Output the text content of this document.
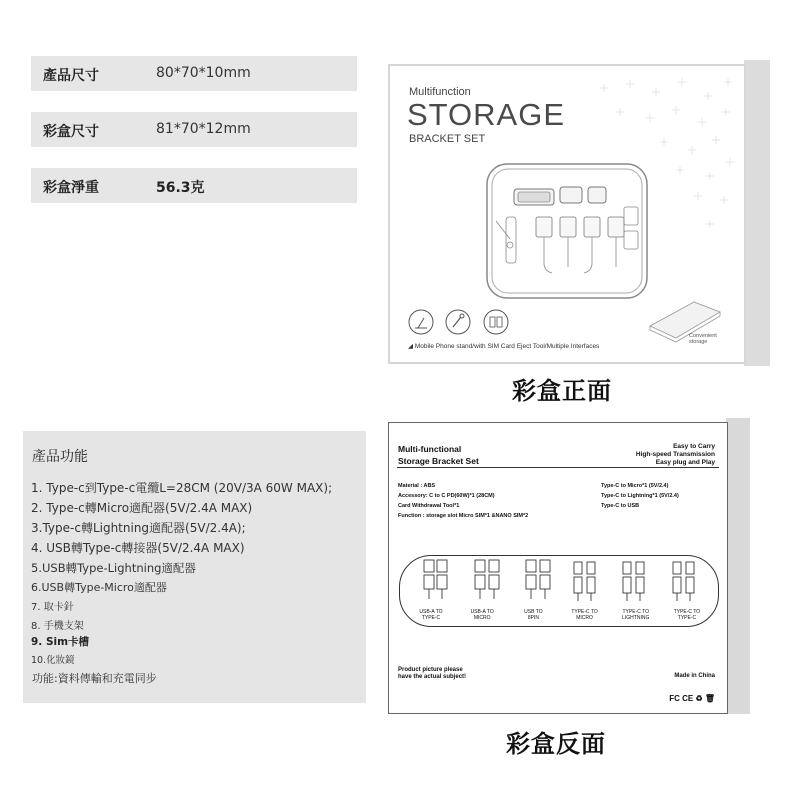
產品尺寸	80*70*10mm
彩盒尺寸	81*70*12mm
彩盒淨重	56.3克
Multifunction
STORAGE
BRACKET SET
◢ Mobile Phone stand/with SIM Card Eject Tool/Multiple Interfaces
Convenient
storage
彩盒正面
產品功能
1. Type-c到Type-c電纜L=28CM (20V/3A 60W MAX);
2. Type-c轉Micro適配器(5V/2.4A MAX)
3.Type-c轉Lightning適配器(5V/2.4A);
4. USB轉Type-c轉接器(5V/2.4A MAX)
5.USB轉Type-Lightning適配器
6.USB轉Type-Micro適配器
7. 取卡針
8. 手機支架
9. Sim卡槽
10.化妝鏡
功能:資料傳輸和充電同步
Multi-functional
Storage Bracket Set
Easy to Carry
High-speed Transmission
Easy plug and Play
Material : ABS
Accessory: C to C PD(60W)*1 (28CM)
Card Withdrawal Tool*1
Function : storage slot Micro SIM*1 &NANO SIM*2
Type-C to Micro*1 (5V/2.4)
Type-C to Lightning*1 (5V/2.4)
Type-C to USB
USB-A TO
TYPE-C
USB-A TO
MICRO
USB TO
8PIN
TYPE-C TO
MICRO
TYPE-C TO
LIGHTNING
TYPE-C TO
TYPE-C
Product picture please
have the actual subject!	Made in China
FC CE ♻ 🗑
彩盒反面
